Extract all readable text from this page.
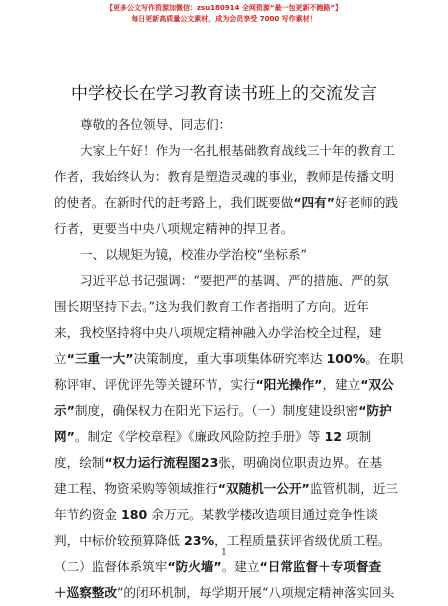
【更多公文写作资源加微信：zsu180914 全网资源“最一包更新不跑路”】
每日更新高质量公文素材，成为会员享受 7000 写作素材！
中学校长在学习教育读书班上的交流发言
尊敬的各位领导、同志们：
大家上午好！作为一名扎根基础教育战线三十年的教育工
作者，我始终认为：教育是塑造灵魂的事业，教师是传播文明
的使者。在新时代的赶考路上，我们既要做“四有”好老师的践
行者，更要当中央八项规定精神的捍卫者。
一、以规矩为镜，校准办学治校“坐标系”
习近平总书记强调：“要把严的基调、严的措施、严的氛
围长期坚持下去。”这为我们教育工作者指明了方向。近年
来，我校坚持将中央八项规定精神融入办学治校全过程，建
立“三重一大”决策制度，重大事项集体研究率达 100%。在职
称评审、评优评先等关键环节，实行“阳光操作”，建立“双公
示”制度，确保权力在阳光下运行。（一）制度建设织密“防护
网”。制定《学校章程》《廉政风险防控手册》等 12 项制
度，绘制“权力运行流程图23张，明确岗位职责边界。在基
建工程、物资采购等领域推行“双随机一公开”监管机制，近三
年节约资金 180 余万元。某教学楼改造项目通过竞争性谈
判，中标价较预算降低 23%，工程质量获评省级优质工程。
（二）监督体系筑牢“防火墙”。建立“日常监督＋专项督查
＋巡察整改”的闭环机制，每学期开展“八项规定精神落实回头
1
